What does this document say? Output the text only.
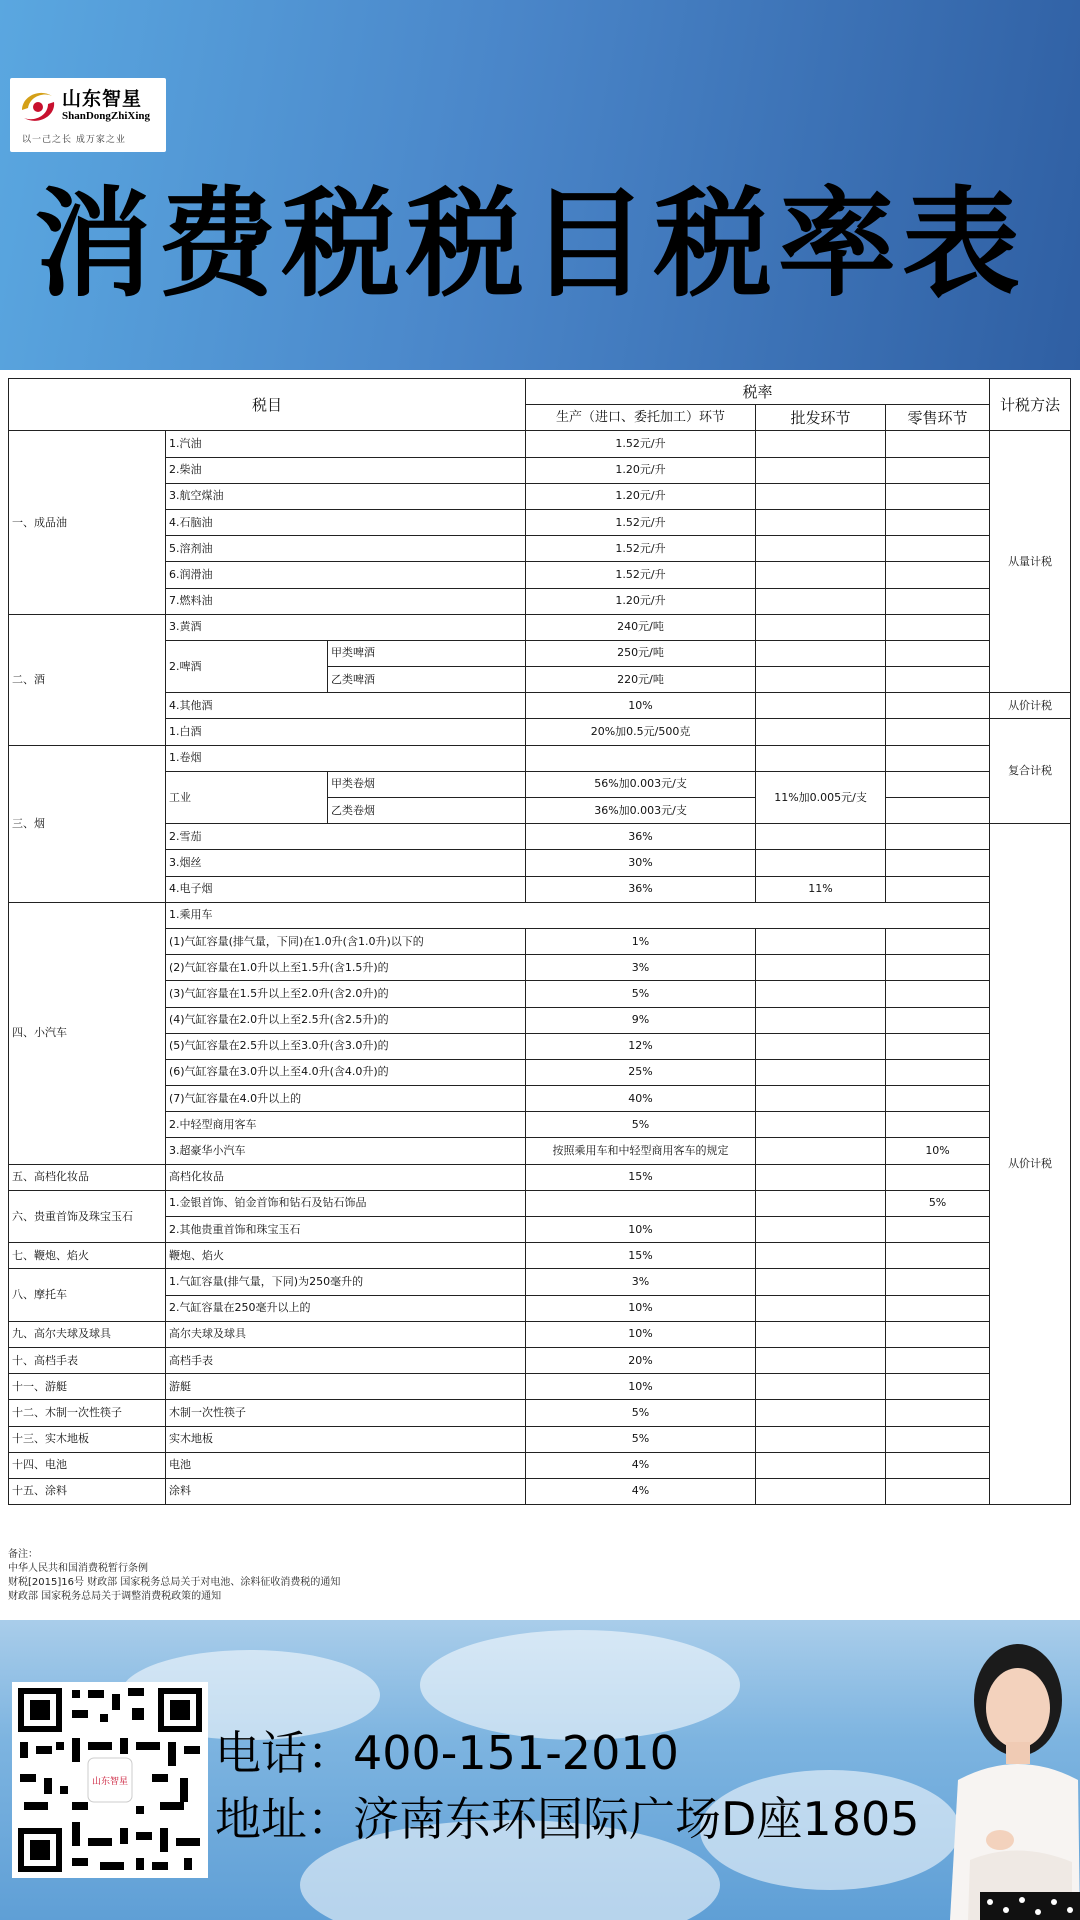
山东智星
ShanDongZhiXing
以一己之长 成万家之业
消费税税目税率表
税目			税率			计税方法
			生产（进口、委托加工）环节	批发环节	零售环节	
一、成品油	1.汽油		1.52元/升			从量计税
	2.柴油		1.20元/升			
	3.航空煤油		1.20元/升			
	4.石脑油		1.52元/升			
	5.溶剂油		1.52元/升			
	6.润滑油		1.52元/升			
	7.燃料油		1.20元/升			
二、酒	3.黄酒		240元/吨			
	2.啤酒	甲类啤酒	250元/吨			
		乙类啤酒	220元/吨			
	4.其他酒		10%			从价计税
	1.白酒		20%加0.5元/500克			复合计税
三、烟	1.卷烟					
	工业	甲类卷烟	56%加0.003元/支	11%加0.005元/支		
		乙类卷烟	36%加0.003元/支			
	2.雪茄		36%			从价计税
	3.烟丝		30%			
	4.电子烟		36%	11%		
四、小汽车	1.乘用车					
	(1)气缸容量(排气量，下同)在1.0升(含1.0升)以下的		1%			
	(2)气缸容量在1.0升以上至1.5升(含1.5升)的		3%			
	(3)气缸容量在1.5升以上至2.0升(含2.0升)的		5%			
	(4)气缸容量在2.0升以上至2.5升(含2.5升)的		9%			
	(5)气缸容量在2.5升以上至3.0升(含3.0升)的		12%			
	(6)气缸容量在3.0升以上至4.0升(含4.0升)的		25%			
	(7)气缸容量在4.0升以上的		40%			
	2.中轻型商用客车		5%			
	3.超豪华小汽车		按照乘用车和中轻型商用客车的规定		10%	
五、高档化妆品	高档化妆品		15%			
六、贵重首饰及珠宝玉石	1.金银首饰、铂金首饰和钻石及钻石饰品				5%	
	2.其他贵重首饰和珠宝玉石		10%			
七、鞭炮、焰火	鞭炮、焰火		15%			
八、摩托车	1.气缸容量(排气量，下同)为250毫升的		3%			
	2.气缸容量在250毫升以上的		10%			
九、高尔夫球及球具	高尔夫球及球具		10%			
十、高档手表	高档手表		20%			
十一、游艇	游艇		10%			
十二、木制一次性筷子	木制一次性筷子		5%			
十三、实木地板	实木地板		5%			
十四、电池	电池		4%			
十五、涂料	涂料		4%			
备注：
中华人民共和国消费税暂行条例
财税[2015]16号 财政部 国家税务总局关于对电池、涂料征收消费税的通知
财政部 国家税务总局关于调整消费税政策的通知
山东智星
电话：400-151-2010
地址：济南东环国际广场D座1805
